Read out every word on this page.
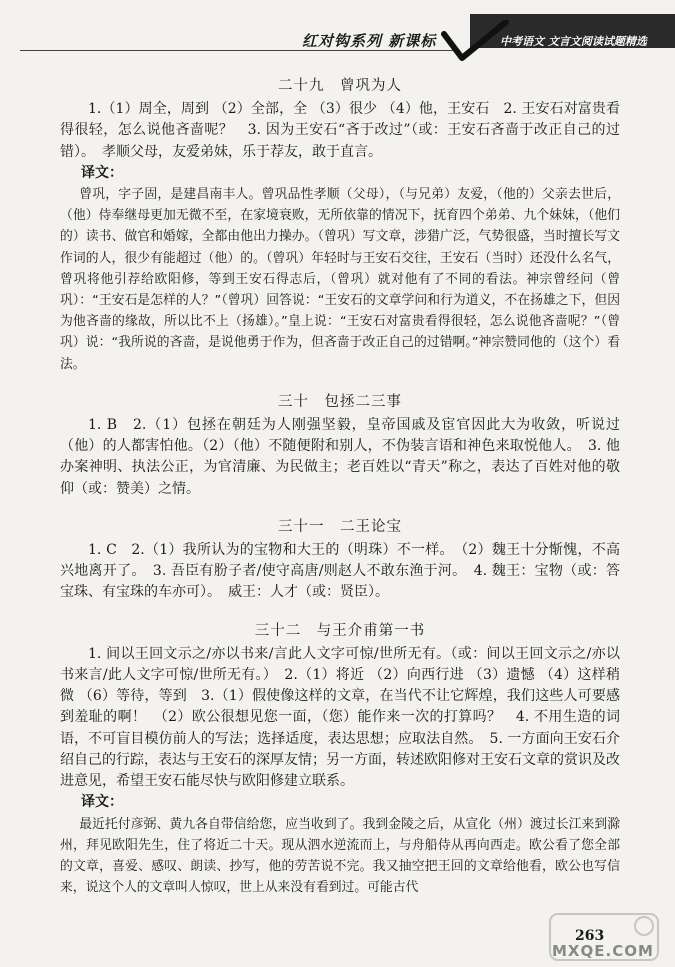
红对钩系列 新课标	中考语文 文言文阅读试题精选
二十九　曾巩为人

1.（1）周全，周到 （2）全部，全 （3）很少 （4）他，王安石　2. 王安石对富贵看得很轻，怎么说他吝啬呢？　3. 因为王安石“吝于改过”（或：王安石吝啬于改正自己的过错）。　孝顺父母，友爱弟妹，乐于荐友，敢于直言。

译文：

曾巩，字子固，是建昌南丰人。曾巩品性孝顺（父母），（与兄弟）友爱，（他的）父亲去世后，（他）侍奉继母更加无微不至，在家境衰败，无所依靠的情况下，抚育四个弟弟、九个妹妹，（他们的）读书、做官和婚嫁，全都由他出力操办。（曾巩）写文章，涉猎广泛，气势很盛，当时擅长写文作词的人，很少有能超过（他）的。（曾巩）年轻时与王安石交往，王安石（当时）还没什么名气，曾巩将他引荐给欧阳修，等到王安石得志后，（曾巩）就对他有了不同的看法。神宗曾经问（曾巩）：“王安石是怎样的人？”（曾巩）回答说：“王安石的文章学问和行为道义，不在扬雄之下，但因为他吝啬的缘故，所以比不上（扬雄）。”皇上说：“王安石对富贵看得很轻，怎么说他吝啬呢？”（曾巩）说：“我所说的吝啬，是说他勇于作为，但吝啬于改正自己的过错啊。”神宗赞同他的（这个）看法。

三十　包拯二三事

1. B　2.（1）包拯在朝廷为人刚强坚毅，皇帝国戚及宦官因此大为收敛，听说过（他）的人都害怕他。（2）（他）不随便附和别人，不伪装言语和神色来取悦他人。　3. 他办案神明、执法公正，为官清廉、为民做主；老百姓以“青天”称之，表达了百姓对他的敬仰（或：赞美）之情。

三十一　二王论宝

1. C　2.（1）我所认为的宝物和大王的（明珠）不一样。　（2）魏王十分惭愧，不高兴地离开了。　3. 吾臣有肦子者/使守高唐/则赵人不敢东渔于河。　4. 魏王：宝物（或：答宝珠、有宝珠的车亦可）。　威王：人才（或：贤臣）。

三十二　与王介甫第一书

1. 间以王回文示之/亦以书来/言此人文字可惊/世所无有。（或：间以王回文示之/亦以书来言/此人文字可惊/世所无有。）　2.（1）将近 （2）向西行进 （3）遗憾 （4）这样稍微 （6）等待，等到　3.（1）假使像这样的文章，在当代不让它辉煌，我们这些人可要感到羞耻的啊！　（2）欧公很想见您一面，（您）能作来一次的打算吗？　4. 不用生造的词语，不可盲目模仿前人的写法；选择适度，表达思想；应取法自然。　5. 一方面向王安石介绍自己的行踪，表达与王安石的深厚友情；另一方面，转述欧阳修对王安石文章的赏识及改进意见，希望王安石能尽快与欧阳修建立联系。

译文：

最近托付彦弼、黄九各自带信给您，应当收到了。我到金陵之后，从宣化（州）渡过长江来到滁州，拜见欧阳先生，住了将近二十天。现从泗水逆流而上，与舟船侍从再向西走。欧公看了您全部的文章，喜爱、感叹、朗读、抄写，他的劳苦说不完。我又抽空把王回的文章给他看，欧公也写信来，说这个人的文章叫人惊叹，世上从来没有看到过。可能古代

MXQE.COM
263
